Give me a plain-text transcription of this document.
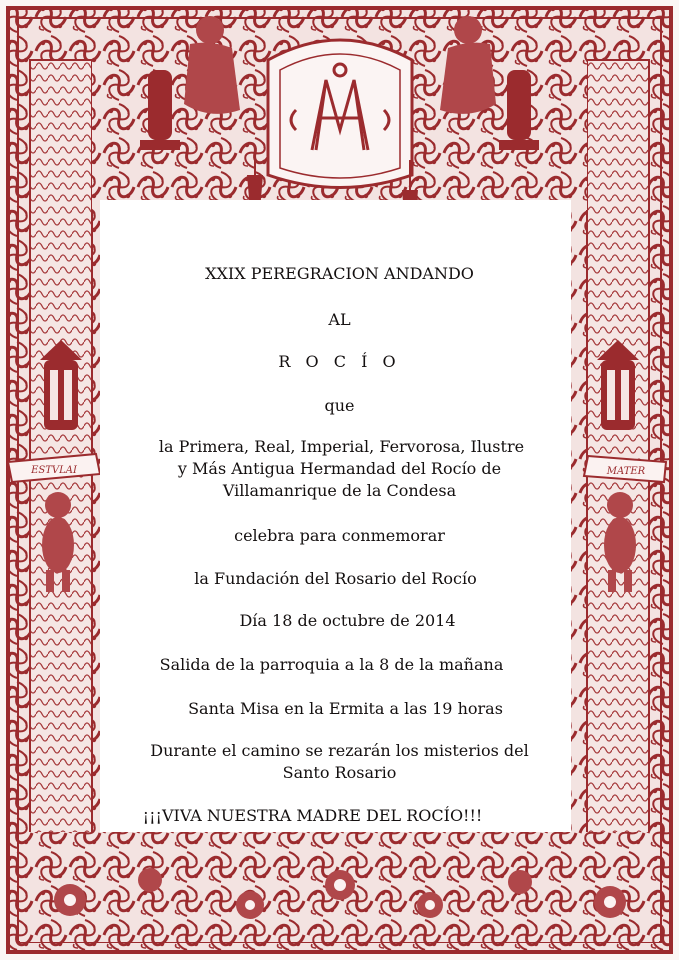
ESTVLAI	MATER
XXIX PEREGRACION ANDANDO
AL
R O C Í O
que
la Primera, Real, Imperial, Fervorosa, Ilustre
y Más Antigua Hermandad del Rocío de
Villamanrique de la Condesa
celebra para conmemorar
la Fundación del Rosario del Rocío
Día 18 de octubre de 2014
Salida de la parroquia a la 8 de la mañana
Santa Misa en la Ermita a las 19 horas
Durante el camino se rezarán los misterios del
Santo Rosario
¡¡¡VIVA NUESTRA MADRE DEL ROCÍO!!!
